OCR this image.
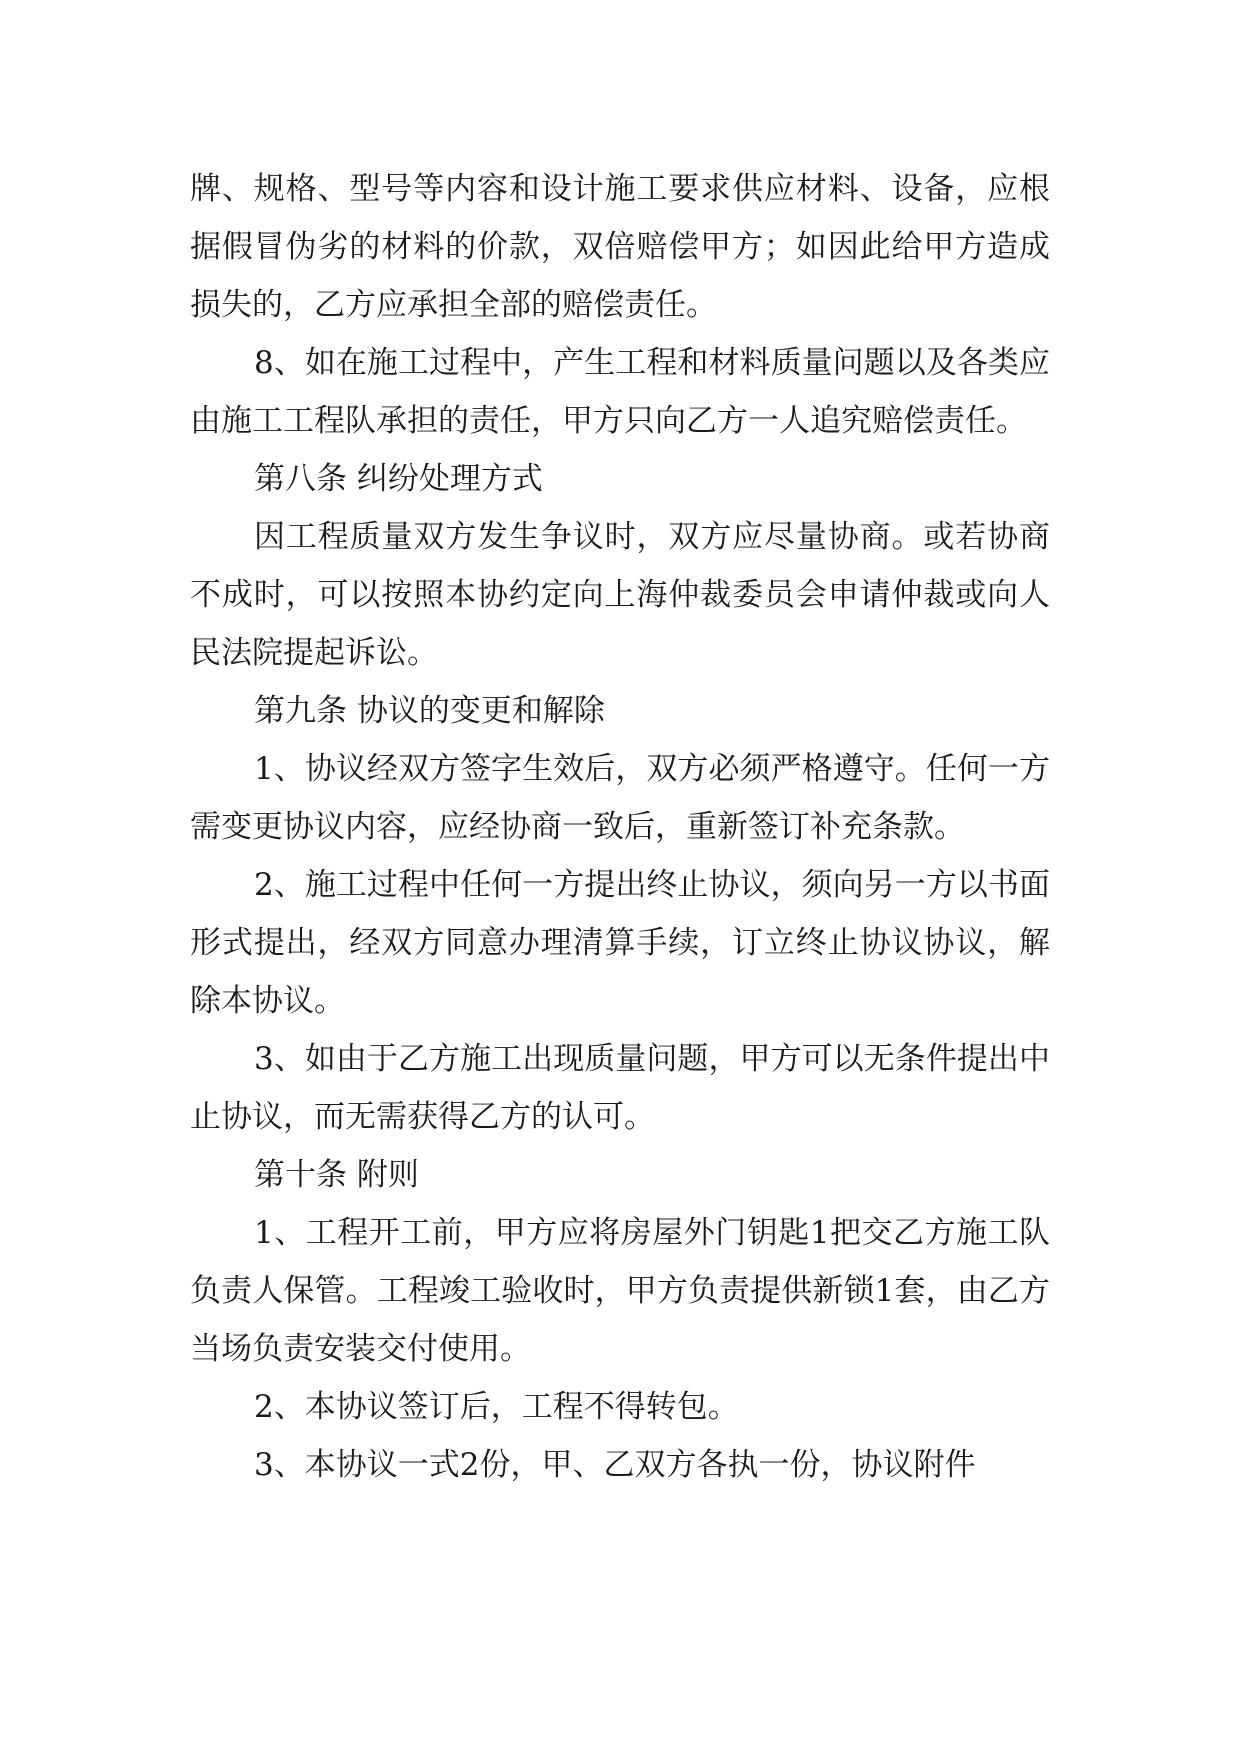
牌、规格、型号等内容和设计施工要求供应材料、设备，应根据假冒伪劣的材料的价款，双倍赔偿甲方；如因此给甲方造成损失的，乙方应承担全部的赔偿责任。

8、如在施工过程中，产生工程和材料质量问题以及各类应由施工工程队承担的责任，甲方只向乙方一人追究赔偿责任。

第八条 纠纷处理方式

因工程质量双方发生争议时，双方应尽量协商。或若协商不成时，可以按照本协约定向上海仲裁委员会申请仲裁或向人民法院提起诉讼。

第九条 协议的变更和解除

1、协议经双方签字生效后，双方必须严格遵守。任何一方需变更协议内容，应经协商一致后，重新签订补充条款。

2、施工过程中任何一方提出终止协议，须向另一方以书面形式提出，经双方同意办理清算手续，订立终止协议协议，解除本协议。

3、如由于乙方施工出现质量问题，甲方可以无条件提出中止协议，而无需获得乙方的认可。

第十条 附则

1、工程开工前，甲方应将房屋外门钥匙1把交乙方施工队负责人保管。工程竣工验收时，甲方负责提供新锁1套，由乙方当场负责安装交付使用。

2、本协议签订后，工程不得转包。

3、本协议一式2份，甲、乙双方各执一份，协议附件
